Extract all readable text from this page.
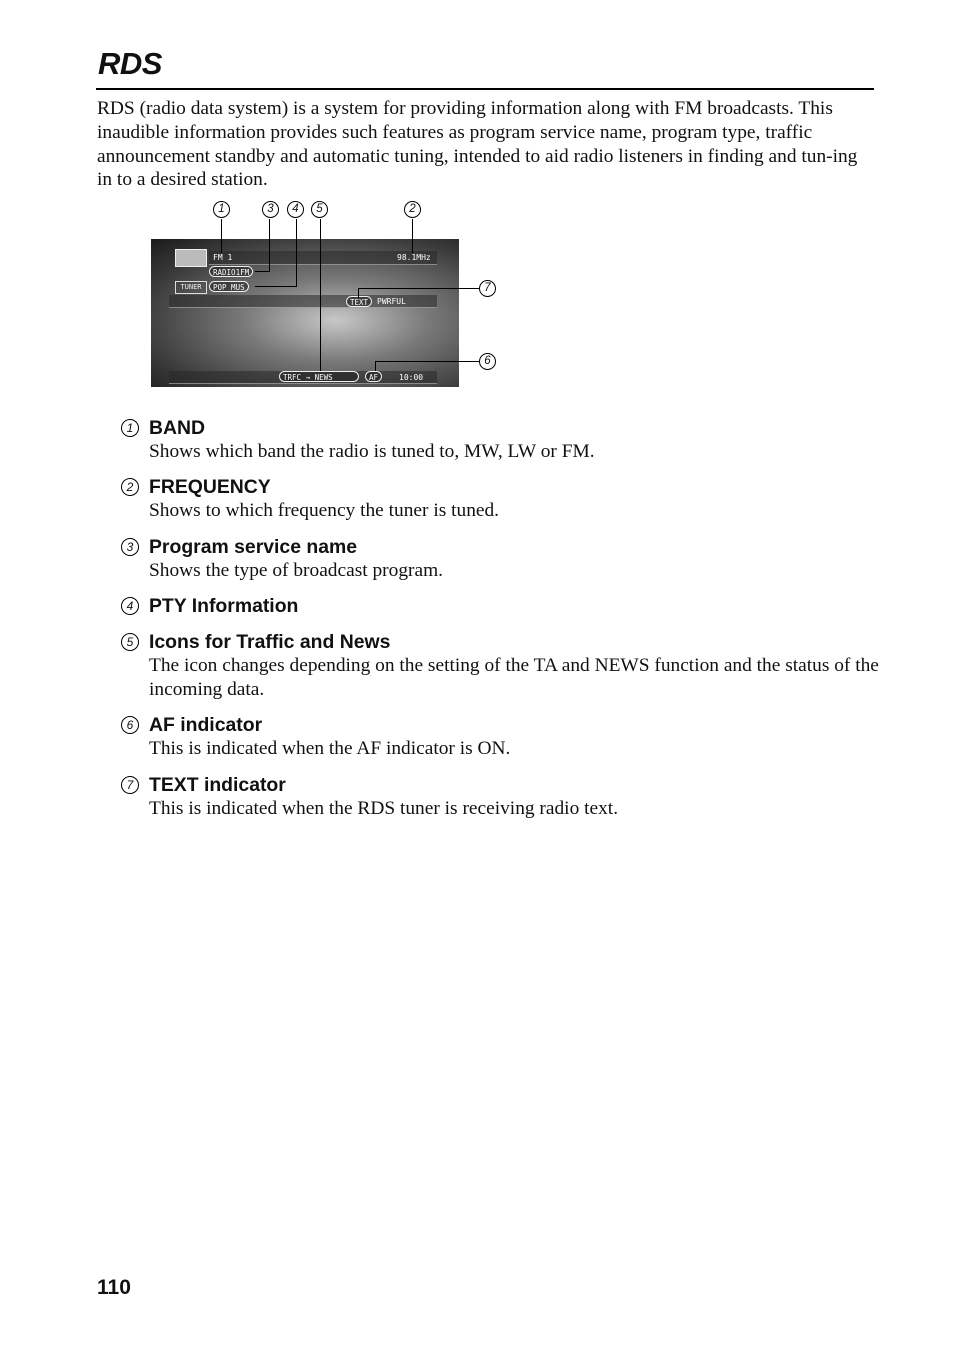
RDS

RDS (radio data system) is a system for providing information along with FM broadcasts. This inaudible information provides such features as program service name, program type, traffic announcement standby and automatic tuning, intended to aid radio listeners in finding and tun-ing in to a desired station.

TUNER
FM 1	98.1MHz
RADIO1FM
POP MUS
TEXT	PWRFUL
TRFC → NEWS	AF	10:00
1	2
3	4	5
6
7
1 BAND

Shows which band the radio is tuned to, MW, LW or FM.

2 FREQUENCY

Shows to which frequency the tuner is tuned.

3 Program service name

Shows the type of broadcast program.

4 PTY Information
5 Icons for Traffic and News

The icon changes depending on the setting of the TA and NEWS function and the status of the incoming data.

6 AF indicator

This is indicated when the AF indicator is ON.

7 TEXT indicator

This is indicated when the RDS tuner is receiving radio text.

110
